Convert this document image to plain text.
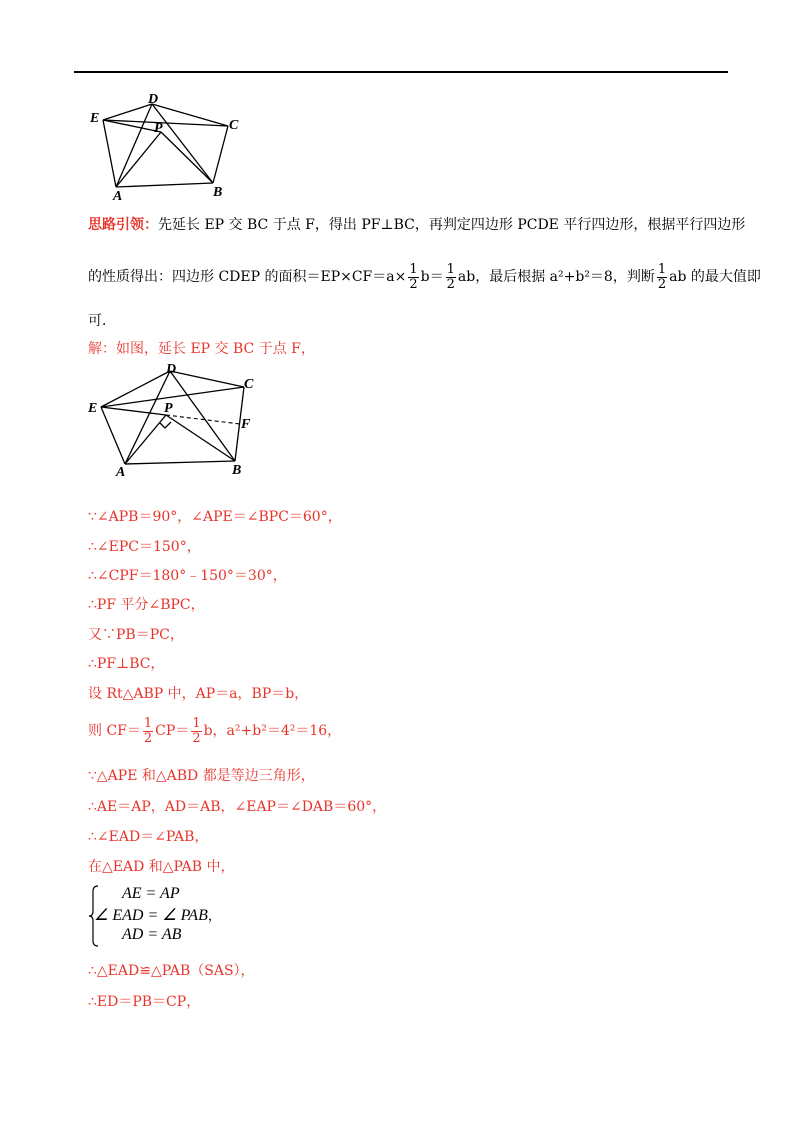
E
D
P	C
A	B
思路引领：先延长 EP 交 BC 于点 F，得出 PF⊥BC，再判定四边形 PCDE 平行四边形，根据平行四边形
的性质得出：四边形 CDEP 的面积$=EP\times CF=a\times \frac{1}{2} b= \frac{1}{2}$ ab，最后根据 a²+b²＝8，判断 $\frac{1}{2}$ ab 的最大值即
可．
解：如图，延长 EP 交 BC 于点 F，
E
D
P
C
F
A	B
∵∠APB＝90°，∠APE＝∠BPC＝60°，
∴∠EPC＝150°，
∴∠CPF＝180°﹣150°＝30°，
∴PF 平分∠BPC，
又∵PB＝PC，
∴PF⊥BC，
设 Rt△ABP 中，AP＝a，BP＝b，
则 $CF= \frac{1}{2} CP= \frac{1}{2}$ b，a²+b²＝4²＝16，
∵△APE 和△ABD 都是等边三角形，
∴AE＝AP，AD＝AB，∠EAP＝∠DAB＝60°，
∴∠EAD＝∠PAB，
在△EAD 和△PAB 中，
AE = AP
∠ EAD = ∠ PAB，
AD = AB
∴△EAD≌△PAB（SAS），
∴ED＝PB＝CP，
